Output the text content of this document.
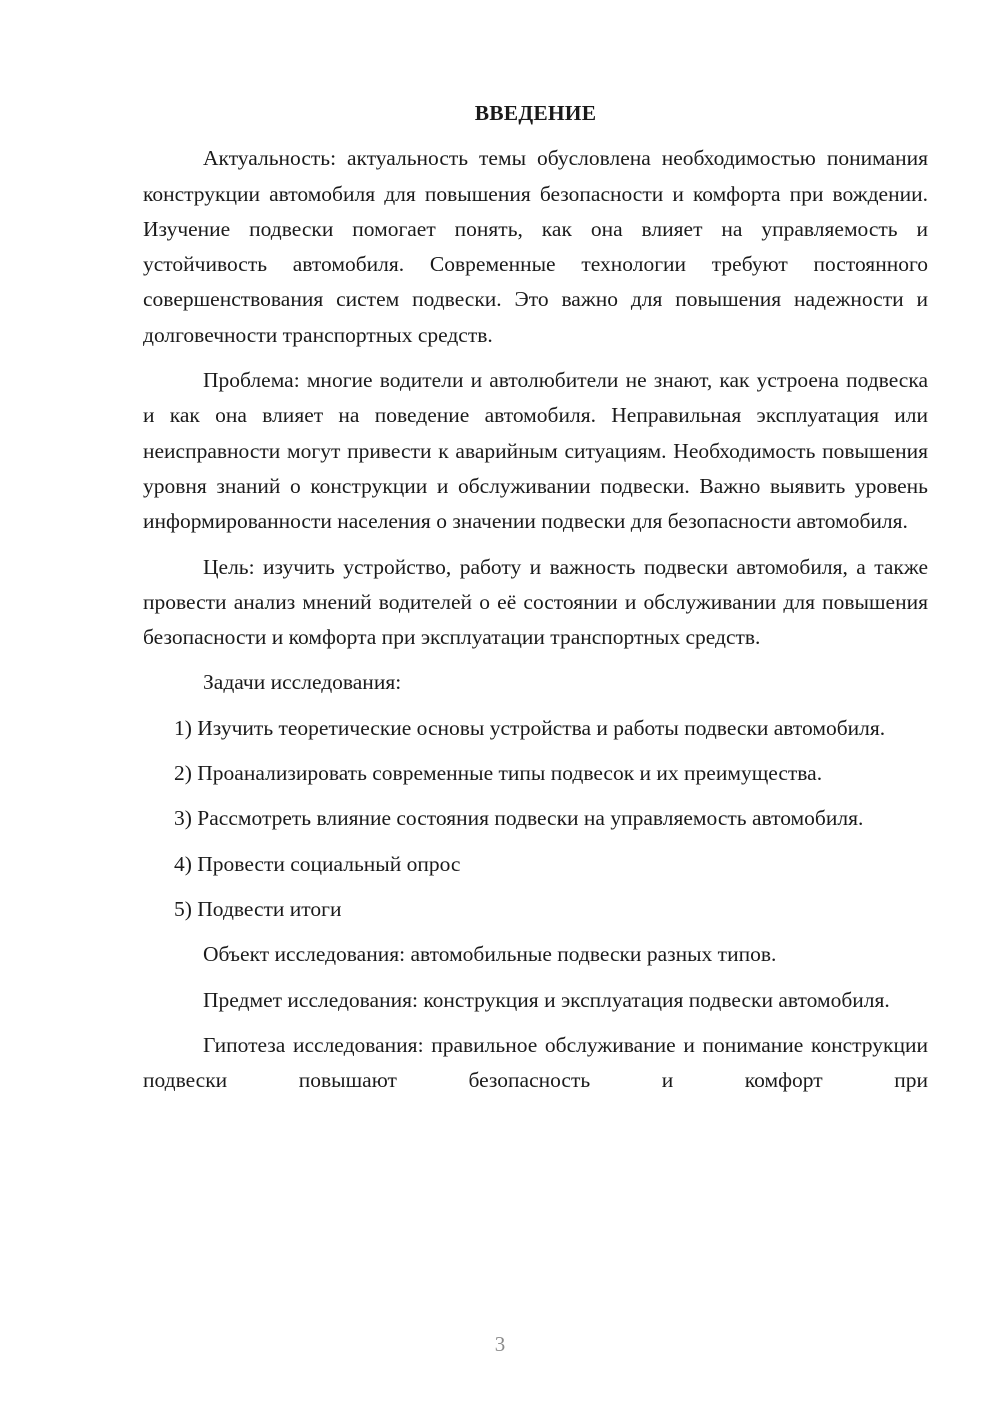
ВВЕДЕНИЕ

Актуальность: актуальность темы обусловлена необходимостью понимания конструкции автомобиля для повышения безопасности и комфорта при вождении. Изучение подвески помогает понять, как она влияет на управляемость и устойчивость автомобиля. Современные технологии требуют постоянного совершенствования систем подвески. Это важно для повышения надежности и долговечности транспортных средств.

Проблема: многие водители и автолюбители не знают, как устроена подвеска и как она влияет на поведение автомобиля. Неправильная эксплуатация или неисправности могут привести к аварийным ситуациям. Необходимость повышения уровня знаний о конструкции и обслуживании подвески. Важно выявить уровень информированности населения о значении подвески для безопасности автомобиля.

Цель: изучить устройство, работу и важность подвески автомобиля, а также провести анализ мнений водителей о её состоянии и обслуживании для повышения безопасности и комфорта при эксплуатации транспортных средств.

Задачи исследования:

1) Изучить теоретические основы устройства и работы подвески автомобиля.

2) Проанализировать современные типы подвесок и их преимущества.

3) Рассмотреть влияние состояния подвески на управляемость автомобиля.

4) Провести социальный опрос

5) Подвести итоги

Объект исследования: автомобильные подвески разных типов.

Предмет исследования: конструкция и эксплуатация подвески автомобиля.

Гипотеза исследования: правильное обслуживание и понимание конструкции подвески повышают безопасность и комфорт при

3
